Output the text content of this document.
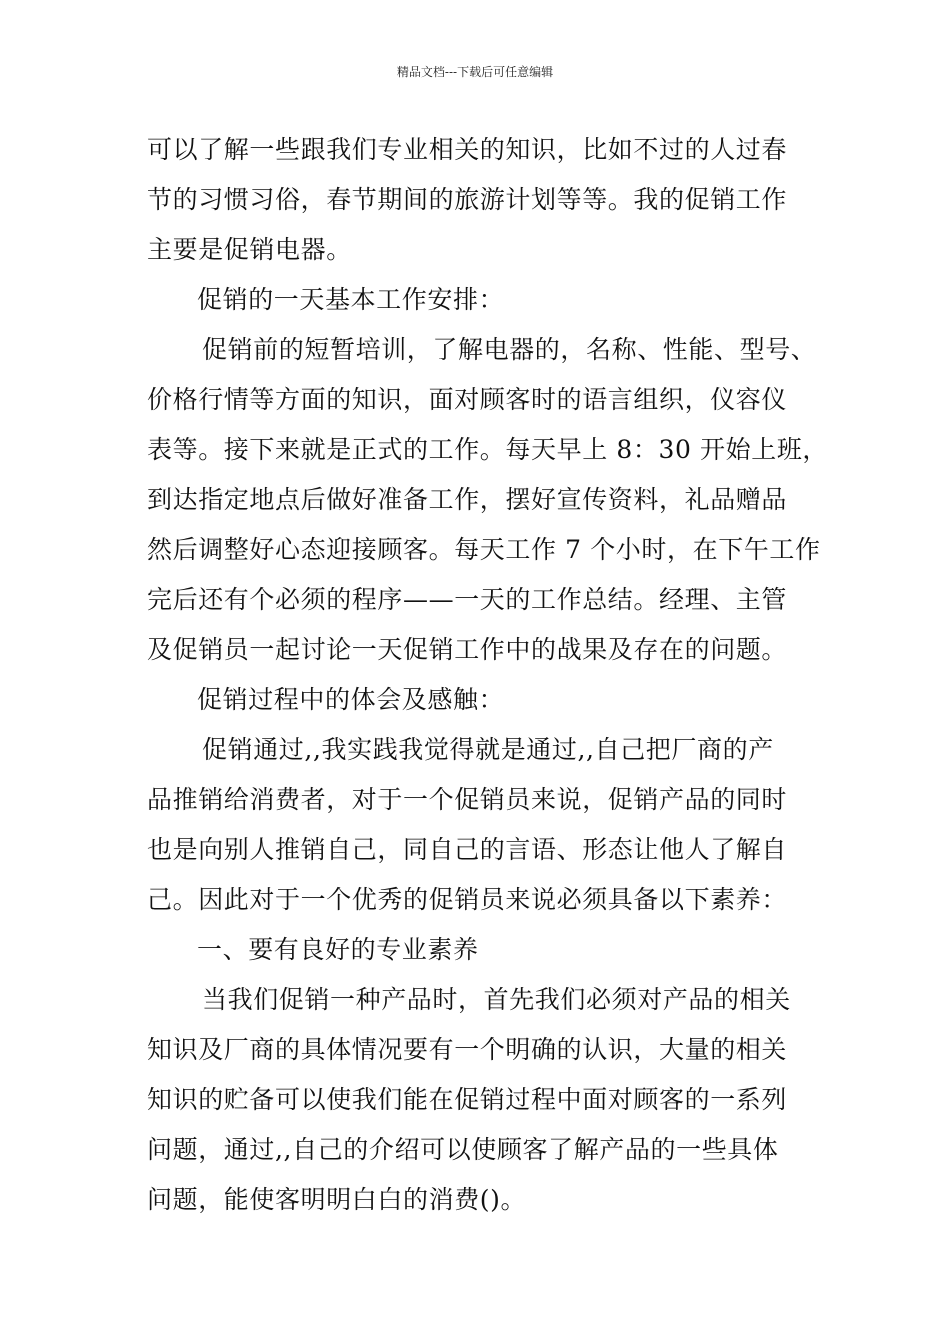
精品文档---下载后可任意编辑
可以了解一些跟我们专业相关的知识，比如不过的人过春
节的习惯习俗，春节期间的旅游计划等等。我的促销工作
主要是促销电器。
促销的一天基本工作安排：
促销前的短暂培训，了解电器的，名称、性能、型号、
价格行情等方面的知识，面对顾客时的语言组织，仪容仪
表等。接下来就是正式的工作。每天早上 8：30 开始上班，
到达指定地点后做好准备工作，摆好宣传资料，礼品赠品
然后调整好心态迎接顾客。每天工作 7 个小时，在下午工作
完后还有个必须的程序——一天的工作总结。经理、主管
及促销员一起讨论一天促销工作中的战果及存在的问题。
促销过程中的体会及感触：
促销通过,,我实践我觉得就是通过,,自己把厂商的产
品推销给消费者，对于一个促销员来说，促销产品的同时
也是向别人推销自己，同自己的言语、形态让他人了解自
己。因此对于一个优秀的促销员来说必须具备以下素养：
一、要有良好的专业素养
当我们促销一种产品时，首先我们必须对产品的相关
知识及厂商的具体情况要有一个明确的认识，大量的相关
知识的贮备可以使我们能在促销过程中面对顾客的一系列
问题，通过,,自己的介绍可以使顾客了解产品的一些具体
问题，能使客明明白白的消费()。
